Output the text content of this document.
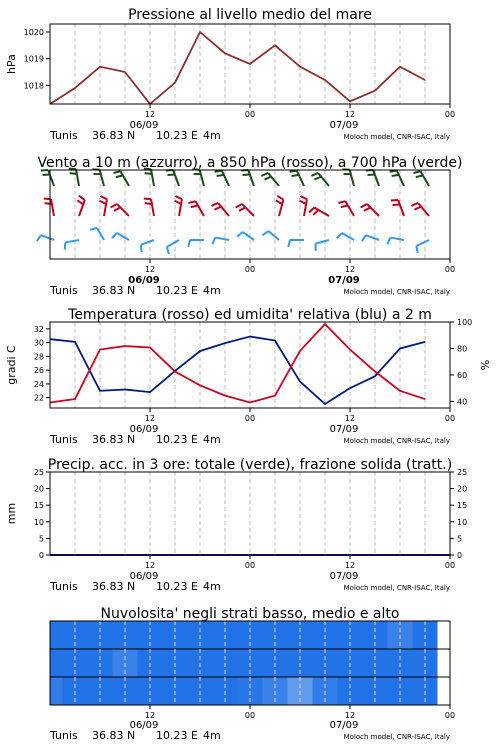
Pressione al livello medio del mare
12	00	12	00
06/09	07/09
Tunis 36.83 N 10.23 E 4m	Moloch model, CNR-ISAC, Italy
1018
1019
1020
hPa
Vento a 10 m (azzurro), a 850 hPa (rosso), a 700 hPa (verde)
12	00	12	00
06/09	07/09
Tunis 36.83 N 10.23 E 4m	Moloch model, CNR-ISAC, Italy
Temperatura (rosso) ed umidita' relativa (blu) a 2 m
12	00	12	00
06/09	07/09
Tunis 36.83 N 10.23 E 4m	Moloch model, CNR-ISAC, Italy
22
24
26
28
30
32
40
60
80
100
gradi C	%
Precip. acc. in 3 ore: totale (verde), frazione solida (tratt.)
12	00	12	00
06/09	07/09
Tunis 36.83 N 10.23 E 4m	Moloch model, CNR-ISAC, Italy
0
5
10
15
20
25
0
5
10
15
20
25
mm
Nuvolosita' negli strati basso, medio e alto
12	00	12	00
06/09	07/09
Tunis 36.83 N 10.23 E 4m	Moloch model, CNR-ISAC, Italy
